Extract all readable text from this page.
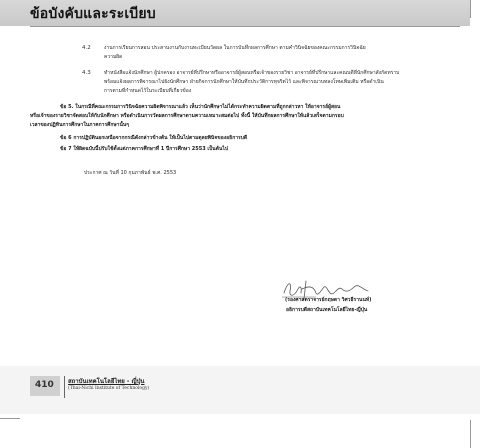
ข้อบังคับและระเบียบ
4.2	งานการเรียนการสอน ประสานงานกับงานทะเบียนวัดผล ในการบันทึกผลการศึกษา ตามคำวินิจฉัยของคณะกรรมการวินิจฉัย
ความผิด
4.3	ทำหนังสือแจ้งนักศึกษา ผู้ปกครอง อาจารย์ที่ปรึกษาหรืออาจารย์ผู้สอนหรือเจ้าของรายวิชา อาจารย์ที่ปรึกษาและคณบดีที่นักศึกษาสังกัดทราบ
พร้อมแจ้งผลการพิจารณาไปยังนักศึกษา ฝ่ายกิจการนักศึกษาให้บันทึกประวัติการทุจริตไว้ และพิจารณาบทลงโทษเพิ่มเติม หรือดำเนิน
การตามที่กำหนดไว้ในระเบียบที่เกี่ยวข้อง
ข้อ 5. ในกรณีที่คณะกรรมการวินิจฉัยความผิดพิจารณาแล้ว เห็นว่านักศึกษาไม่ได้กระทำความผิดตามที่ถูกกล่าวหา ให้อาจารย์ผู้สอน
หรือเจ้าของรายวิชาจัดสอบให้กับนักศึกษา หรือดำเนินการวัดผลการศึกษาตามความเหมาะสมต่อไป ทั้งนี้ ให้บันทึกผลการศึกษาให้แล้วเสร็จตามกรอบ
เวลาของปฏิทินการศึกษาในภาคการศึกษานั้นๆ
ข้อ 6 การปฏิบัตินอกเหนือจากกรณีดังกล่าวข้างต้น ให้เป็นไปตามดุลยพินิจของอธิการบดี
ข้อ 7 ให้ผิดฉบับนี้ปรับใช้ตั้งแต่ภาคการศึกษาที่ 1 ปีการศึกษา 2553 เป็นต้นไป
ประกาศ ณ วันที่ 10 กุมภาพันธ์ พ.ศ. 2553
(รองศาสตราจารย์กฤษดา วิศวธีรานนท์)
อธิการบดีสถาบันเทคโนโลยีไทย-ญี่ปุ่น
410 สถาบันเทคโนโลยีไทย - ญี่ปุ่น
(Thai-Nichi Institute of Technology)
